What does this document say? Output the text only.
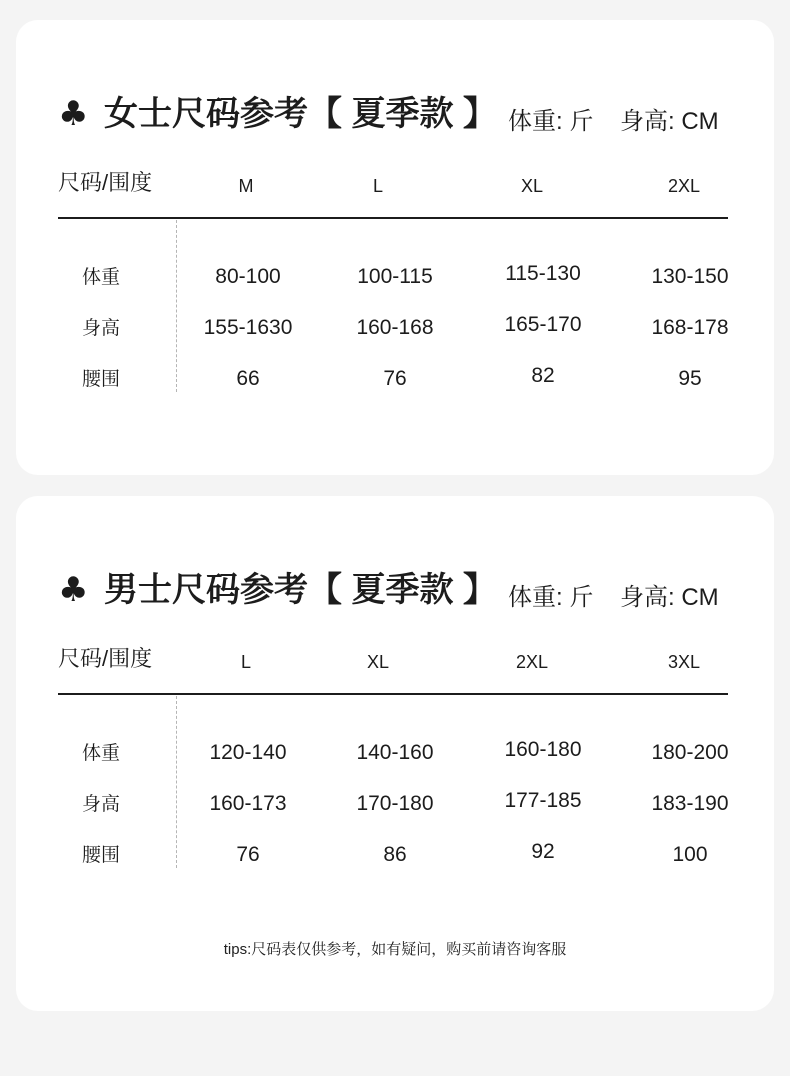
♣ 女士尺码参考【 夏季款 】 体重: 斤 身高: CM
尺码/围度	M	L	XL	2XL
体重	80-100	100-115	115-130	130-150
身高	155-1630	160-168	165-170	168-178
腰围	66	76	82	95
♣ 男士尺码参考【 夏季款 】 体重: 斤 身高: CM
尺码/围度	L	XL	2XL	3XL
体重	120-140	140-160	160-180	180-200
身高	160-173	170-180	177-185	183-190
腰围	76	86	92	100
tips:尺码表仅供参考，如有疑问，购买前请咨询客服
